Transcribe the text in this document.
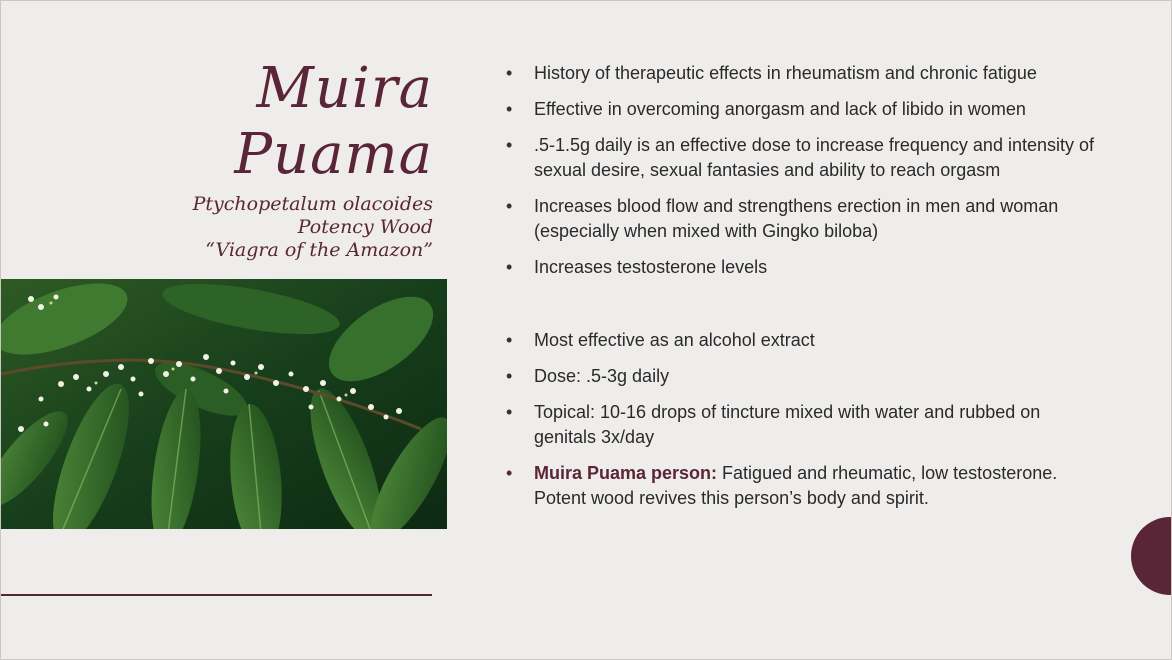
Muira
Puama
Ptychopetalum olacoides
Potency Wood
“Viagra of the Amazon”
• History of therapeutic effects in rheumatism and chronic fatigue
• Effective in overcoming anorgasm and lack of libido in women
• .5-1.5g daily is an effective dose to increase frequency and intensity of sexual desire, sexual fantasies and ability to reach orgasm
• Increases blood flow and strengthens erection in men and woman (especially when mixed with Gingko biloba)
• Increases testosterone levels
• Most effective as an alcohol extract
• Dose: .5-3g daily
• Topical: 10-16 drops of tincture mixed with water and rubbed on genitals 3x/day
• Muira Puama person: Fatigued and rheumatic, low testosterone. Potent wood revives this person’s body and spirit.
